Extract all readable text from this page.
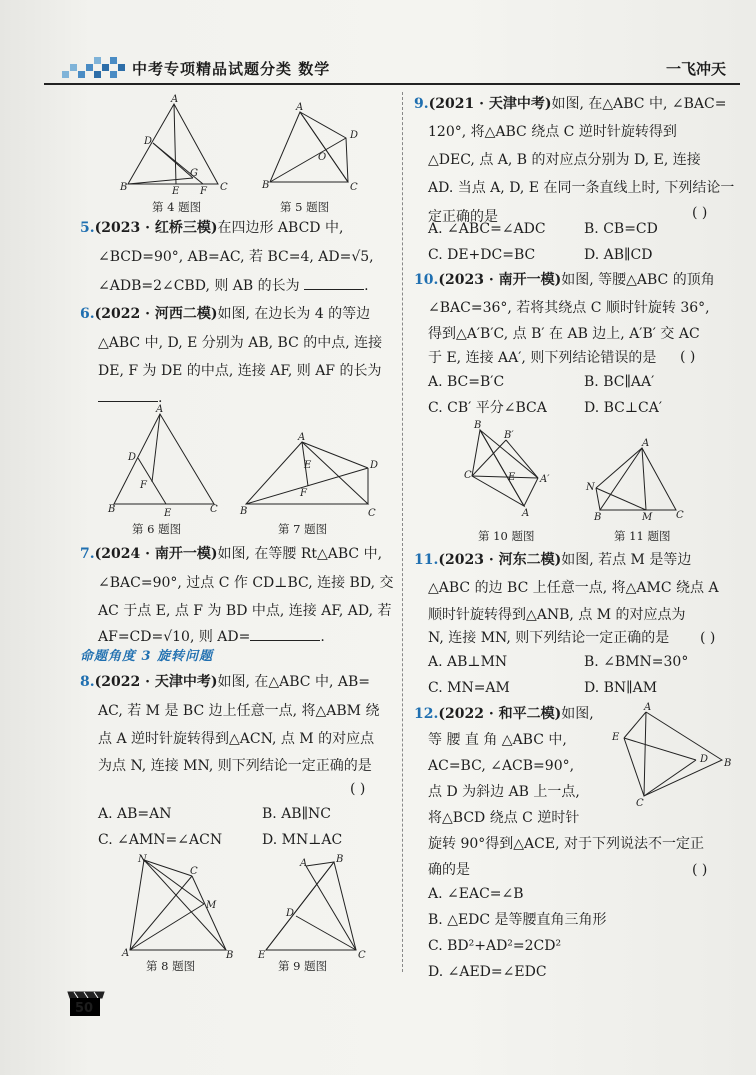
中考专项精品试题分类 数学	一飞冲天
A
D
B	E
G
F C
第 4 题图
A
D
O
B	C
第 5 题图
5.(2023 · 红桥三模)在四边形 ABCD 中,
∠BCD=90°, AB=AC, 若 BC=4, AD=√5,
∠ADB=2∠CBD, 则 AB 的长为	.
6.(2022 · 河西二模)如图, 在边长为 4 的等边
△ABC 中, D, E 分别为 AB, BC 的中点, 连接
DE, F 为 DE 的中点, 连接 AF, 则 AF 的长为
.
A
D
F
B	E	C
第 6 题图
A
E
F
D
B	C
第 7 题图
7.(2024 · 南开一模)如图, 在等腰 Rt△ABC 中,
∠BAC=90°, 过点 C 作 CD⊥BC, 连接 BD, 交
AC 于点 E, 点 F 为 BD 中点, 连接 AF, AD, 若
AF=CD=√10, 则 AD=	.
命题角度 3 旋转问题
8.(2022 · 天津中考)如图, 在△ABC 中, AB=
AC, 若 M 是 BC 边上任意一点, 将△ABM 绕
点 A 逆时针旋转得到△ACN, 点 M 的对应点
为点 N, 连接 MN, 则下列结论一定正确的是
( )
A. AB=AN	B. AB∥NC
C. ∠AMN=∠ACN	D. MN⊥AC
N
C
M
A	B
第 8 题图
A	B
D
E	C
第 9 题图
50
9.(2021 · 天津中考)如图, 在△ABC 中, ∠BAC=
120°, 将△ABC 绕点 C 逆时针旋转得到
△DEC, 点 A, B 的对应点分别为 D, E, 连接
AD. 当点 A, D, E 在同一条直线上时, 下列结论一定正确的是	( )
A. ∠ABC=∠ADC	B. CB=CD
C. DE+DC=BC	D. AB∥CD
10.(2023 · 南开一模)如图, 等腰△ABC 的顶角
∠BAC=36°, 若将其绕点 C 顺时针旋转 36°,
得到△A′B′C, 点 B′ 在 AB 边上, A′B′ 交 AC
于 E, 连接 AA′, 则下列结论错误的是 ( )
A. BC=B′C	B. BC∥AA′
C. CB′ 平分∠BCA	D. BC⊥CA′
B
B′
C	E A′
A
第 10 题图
A
N
B	M C
第 11 题图
11.(2023 · 河东二模)如图, 若点 M 是等边
△ABC 的边 BC 上任意一点, 将△AMC 绕点 A
顺时针旋转得到△ANB, 点 M 的对应点为
N, 连接 MN, 则下列结论一定正确的是 ( )
A. AB⊥MN	B. ∠BMN=30°
C. MN=AM	D. BN∥AM
12.(2022 · 和平二模)如图,
等 腰 直 角 △ABC 中,
AC=BC, ∠ACB=90°,
点 D 为斜边 AB 上一点,
将△BCD 绕点 C 逆时针
旋转 90°得到△ACE, 对于下列说法不一定正
确的是	( )
A. ∠EAC=∠B
B. △EDC 是等腰直角三角形
C. BD²+AD²=2CD²
D. ∠AED=∠EDC
A
E
D B
C
